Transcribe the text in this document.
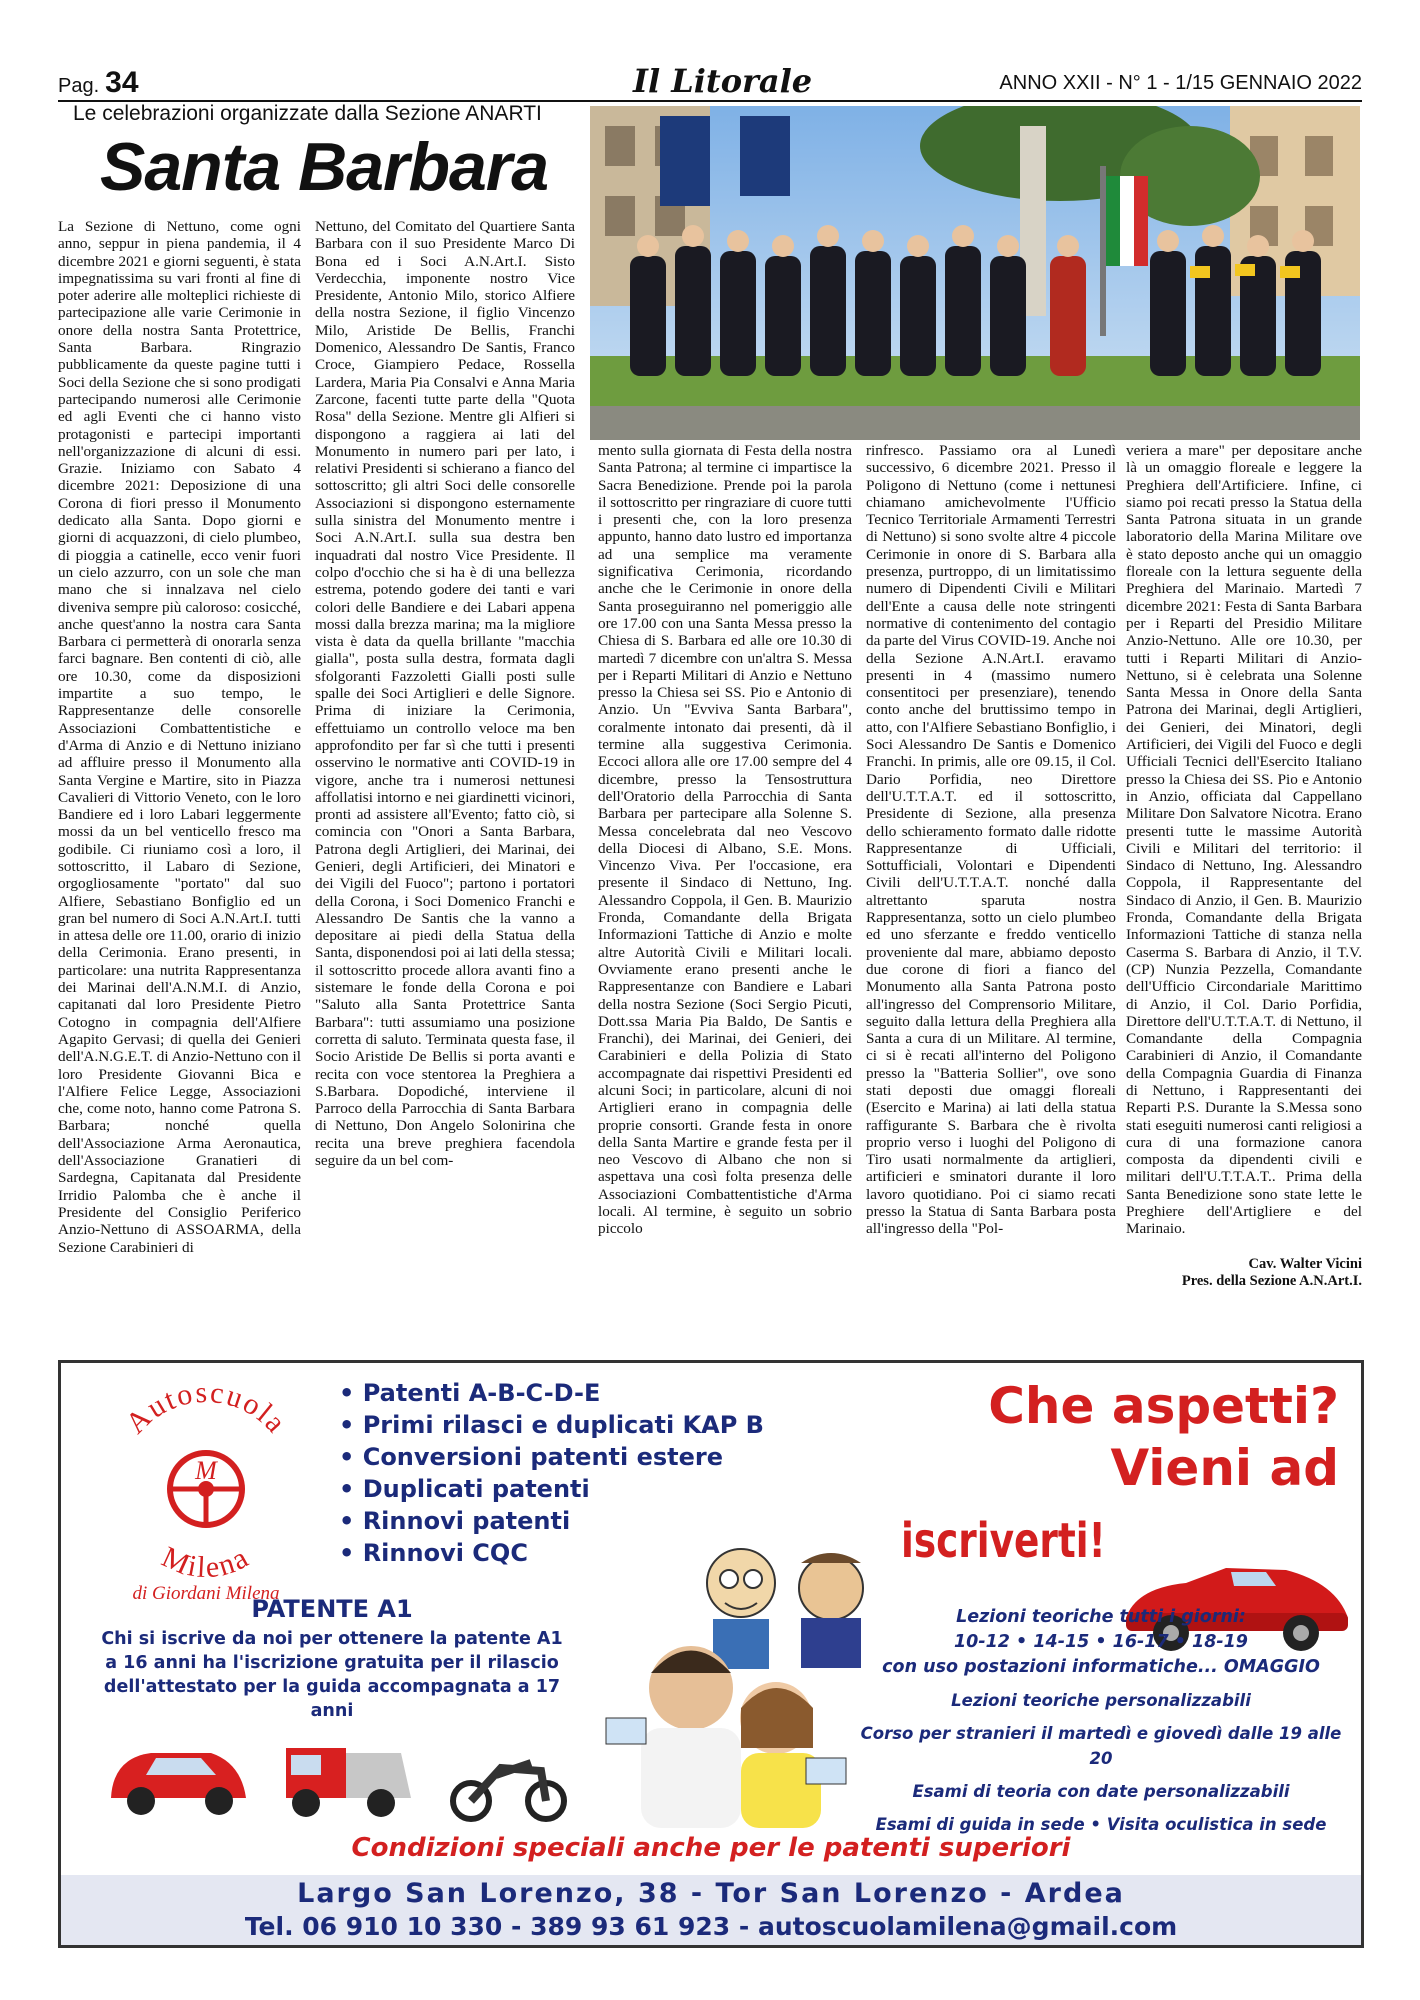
Pag. 34	Il Litorale	ANNO XXII - N° 1 - 1/15 GENNAIO 2022
Le celebrazioni organizzate dalla Sezione ANARTI
Santa Barbara
La Sezione di Nettuno, come ogni anno, seppur in piena pandemia, il 4 dicembre 2021 e giorni seguenti, è stata impegnatissima su vari fronti al fine di poter aderire alle molteplici richieste di partecipazione alle varie Cerimonie in onore della nostra Santa Protettrice, Santa Barbara. Ringrazio pubblicamente da queste pagine tutti i Soci della Sezione che si sono prodigati partecipando numerosi alle Cerimonie ed agli Eventi che ci hanno visto protagonisti e partecipi importanti nell'organizzazione di alcuni di essi. Grazie. Iniziamo con Sabato 4 dicembre 2021: Deposizione di una Corona di fiori presso il Monumento dedicato alla Santa. Dopo giorni e giorni di acquazzoni, di cielo plumbeo, di pioggia a catinelle, ecco venir fuori un cielo azzurro, con un sole che man mano che si innalzava nel cielo diveniva sempre più caloroso: cosicché, anche quest'anno la nostra cara Santa Barbara ci permetterà di onorarla senza farci bagnare. Ben contenti di ciò, alle ore 10.30, come da disposizioni impartite a suo tempo, le Rappresentanze delle consorelle Associazioni Combattentistiche e d'Arma di Anzio e di Nettuno iniziano ad affluire presso il Monumento alla Santa Vergine e Martire, sito in Piazza Cavalieri di Vittorio Veneto, con le loro Bandiere ed i loro Labari leggermente mossi da un bel venticello fresco ma godibile. Ci riuniamo così a loro, il sottoscritto, il Labaro di Sezione, orgogliosamente "portato" dal suo Alfiere, Sebastiano Bonfiglio ed un gran bel numero di Soci A.N.Art.I. tutti in attesa delle ore 11.00, orario di inizio della Cerimonia. Erano presenti, in particolare: una nutrita Rappresentanza dei Marinai dell'A.N.M.I. di Anzio, capitanati dal loro Presidente Pietro Cotogno in compagnia dell'Alfiere Agapito Gervasi; di quella dei Genieri dell'A.N.G.E.T. di Anzio-Nettuno con il loro Presidente Giovanni Bica e l'Alfiere Felice Legge, Associazioni che, come noto, hanno come Patrona S. Barbara; nonché quella dell'Associazione Arma Aeronautica, dell'Associazione Granatieri di Sardegna, Capitanata dal Presidente Irridio Palomba che è anche il Presidente del Consiglio Periferico Anzio-Nettuno di ASSOARMA, della Sezione Carabinieri di
Nettuno, del Comitato del Quartiere Santa Barbara con il suo Presidente Marco Di Bona ed i Soci A.N.Art.I. Sisto Verdecchia, imponente nostro Vice Presidente, Antonio Milo, storico Alfiere della nostra Sezione, il figlio Vincenzo Milo, Aristide De Bellis, Franchi Domenico, Alessandro De Santis, Franco Croce, Giampiero Pedace, Rossella Lardera, Maria Pia Consalvi e Anna Maria Zarcone, facenti tutte parte della "Quota Rosa" della Sezione. Mentre gli Alfieri si dispongono a raggiera ai lati del Monumento in numero pari per lato, i relativi Presidenti si schierano a fianco del sottoscritto; gli altri Soci delle consorelle Associazioni si dispongono esternamente sulla sinistra del Monumento mentre i Soci A.N.Art.I. sulla sua destra ben inquadrati dal nostro Vice Presidente. Il colpo d'occhio che si ha è di una bellezza estrema, potendo godere dei tanti e vari colori delle Bandiere e dei Labari appena mossi dalla brezza marina; ma la migliore vista è data da quella brillante "macchia gialla", posta sulla destra, formata dagli sfolgoranti Fazzoletti Gialli posti sulle spalle dei Soci Artiglieri e delle Signore. Prima di iniziare la Cerimonia, effettuiamo un controllo veloce ma ben approfondito per far sì che tutti i presenti osservino le normative anti COVID-19 in vigore, anche tra i numerosi nettunesi affollatisi intorno e nei giardinetti vicinori, pronti ad assistere all'Evento; fatto ciò, si comincia con "Onori a Santa Barbara, Patrona degli Artiglieri, dei Marinai, dei Genieri, degli Artificieri, dei Minatori e dei Vigili del Fuoco"; partono i portatori della Corona, i Soci Domenico Franchi e Alessandro De Santis che la vanno a depositare ai piedi della Statua della Santa, disponendosi poi ai lati della stessa; il sottoscritto procede allora avanti fino a sistemare le fonde della Corona e poi "Saluto alla Santa Protettrice Santa Barbara": tutti assumiamo una posizione corretta di saluto. Terminata questa fase, il Socio Aristide De Bellis si porta avanti e recita con voce stentorea la Preghiera a S.Barbara. Dopodiché, interviene il Parroco della Parrocchia di Santa Barbara di Nettuno, Don Angelo Solonirina che recita una breve preghiera facendola seguire da un bel com-
mento sulla giornata di Festa della nostra Santa Patrona; al termine ci impartisce la Sacra Benedizione. Prende poi la parola il sottoscritto per ringraziare di cuore tutti i presenti che, con la loro presenza appunto, hanno dato lustro ed importanza ad una semplice ma veramente significativa Cerimonia, ricordando anche che le Cerimonie in onore della Santa proseguiranno nel pomeriggio alle ore 17.00 con una Santa Messa presso la Chiesa di S. Barbara ed alle ore 10.30 di martedì 7 dicembre con un'altra S. Messa per i Reparti Militari di Anzio e Nettuno presso la Chiesa sei SS. Pio e Antonio di Anzio. Un "Evviva Santa Barbara", coralmente intonato dai presenti, dà il termine alla suggestiva Cerimonia. Eccoci allora alle ore 17.00 sempre del 4 dicembre, presso la Tensostruttura dell'Oratorio della Parrocchia di Santa Barbara per partecipare alla Solenne S. Messa concelebrata dal neo Vescovo della Diocesi di Albano, S.E. Mons. Vincenzo Viva. Per l'occasione, era presente il Sindaco di Nettuno, Ing. Alessandro Coppola, il Gen. B. Maurizio Fronda, Comandante della Brigata Informazioni Tattiche di Anzio e molte altre Autorità Civili e Militari locali. Ovviamente erano presenti anche le Rappresentanze con Bandiere e Labari della nostra Sezione (Soci Sergio Picuti, Dott.ssa Maria Pia Baldo, De Santis e Franchi), dei Marinai, dei Genieri, dei Carabinieri e della Polizia di Stato accompagnate dai rispettivi Presidenti ed alcuni Soci; in particolare, alcuni di noi Artiglieri erano in compagnia delle proprie consorti. Grande festa in onore della Santa Martire e grande festa per il neo Vescovo di Albano che non si aspettava una così folta presenza delle Associazioni Combattentistiche d'Arma locali. Al termine, è seguito un sobrio piccolo
rinfresco. Passiamo ora al Lunedì successivo, 6 dicembre 2021. Presso il Poligono di Nettuno (come i nettunesi chiamano amichevolmente l'Ufficio Tecnico Territoriale Armamenti Terrestri di Nettuno) si sono svolte altre 4 piccole Cerimonie in onore di S. Barbara alla presenza, purtroppo, di un limitatissimo numero di Dipendenti Civili e Militari dell'Ente a causa delle note stringenti normative di contenimento del contagio da parte del Virus COVID-19. Anche noi della Sezione A.N.Art.I. eravamo presenti in 4 (massimo numero consentitoci per presenziare), tenendo conto anche del bruttissimo tempo in atto, con l'Alfiere Sebastiano Bonfiglio, i Soci Alessandro De Santis e Domenico Franchi. In primis, alle ore 09.15, il Col. Dario Porfidia, neo Direttore dell'U.T.T.A.T. ed il sottoscritto, Presidente di Sezione, alla presenza dello schieramento formato dalle ridotte Rappresentanze di Ufficiali, Sottufficiali, Volontari e Dipendenti Civili dell'U.T.T.A.T. nonché dalla altrettanto sparuta nostra Rappresentanza, sotto un cielo plumbeo ed uno sferzante e freddo venticello proveniente dal mare, abbiamo deposto due corone di fiori a fianco del Monumento alla Santa Patrona posto all'ingresso del Comprensorio Militare, seguito dalla lettura della Preghiera alla Santa a cura di un Militare. Al termine, ci si è recati all'interno del Poligono presso la "Batteria Sollier", ove sono stati deposti due omaggi floreali (Esercito e Marina) ai lati della statua raffigurante S. Barbara che è rivolta proprio verso i luoghi del Poligono di Tiro usati normalmente da artiglieri, artificieri e sminatori durante il loro lavoro quotidiano. Poi ci siamo recati presso la Statua di Santa Barbara posta all'ingresso della "Pol-
veriera a mare" per depositare anche là un omaggio floreale e leggere la Preghiera dell'Artificiere. Infine, ci siamo poi recati presso la Statua della Santa Patrona situata in un grande laboratorio della Marina Militare ove è stato deposto anche qui un omaggio floreale con la lettura seguente della Preghiera del Marinaio. Martedì 7 dicembre 2021: Festa di Santa Barbara per i Reparti del Presidio Militare Anzio-Nettuno. Alle ore 10.30, per tutti i Reparti Militari di Anzio-Nettuno, si è celebrata una Solenne Santa Messa in Onore della Santa Patrona dei Marinai, degli Artiglieri, dei Genieri, dei Minatori, degli Artificieri, dei Vigili del Fuoco e degli Ufficiali Tecnici dell'Esercito Italiano presso la Chiesa dei SS. Pio e Antonio in Anzio, officiata dal Cappellano Militare Don Salvatore Nicotra. Erano presenti tutte le massime Autorità Civili e Militari del territorio: il Sindaco di Nettuno, Ing. Alessandro Coppola, il Rappresentante del Sindaco di Anzio, il Gen. B. Maurizio Fronda, Comandante della Brigata Informazioni Tattiche di stanza nella Caserma S. Barbara di Anzio, il T.V. (CP) Nunzia Pezzella, Comandante dell'Ufficio Circondariale Marittimo di Anzio, il Col. Dario Porfidia, Direttore dell'U.T.T.A.T. di Nettuno, il Comandante della Compagnia Carabinieri di Anzio, il Comandante della Compagnia Guardia di Finanza di Nettuno, i Rappresentanti dei Reparti P.S. Durante la S.Messa sono stati eseguiti numerosi canti religiosi a cura di una formazione canora composta da dipendenti civili e militari dell'U.T.T.A.T.. Prima della Santa Benedizione sono state lette le Preghiere dell'Artigliere e del Marinaio.
Cav. Walter Vicini
Pres. della Sezione A.N.Art.I.
Autoscuola
Milena
M
di Giordani Milena
• Patenti A-B-C-D-E
• Primi rilasci e duplicati KAP B
• Conversioni patenti estere
• Duplicati patenti
• Rinnovi patenti
• Rinnovi CQC
Che aspetti?
Vieni ad
iscriverti!
PATENTE A1
Chi si iscrive da noi per ottenere la patente A1 a 16 anni ha l'iscrizione gratuita per il rilascio dell'attestato per la guida accompagnata a 17 anni
Lezioni teoriche tutti i giorni:
10-12 • 14-15 • 16-17 • 18-19
con uso postazioni informatiche... OMAGGIO
Lezioni teoriche personalizzabili
Corso per stranieri il martedì e giovedì dalle 19 alle 20
Esami di teoria con date personalizzabili
Esami di guida in sede • Visita oculistica in sede
Condizioni speciali anche per le patenti superiori
Largo San Lorenzo, 38 - Tor San Lorenzo - Ardea
Tel. 06 910 10 330 - 389 93 61 923 - autoscuolamilena@gmail.com
